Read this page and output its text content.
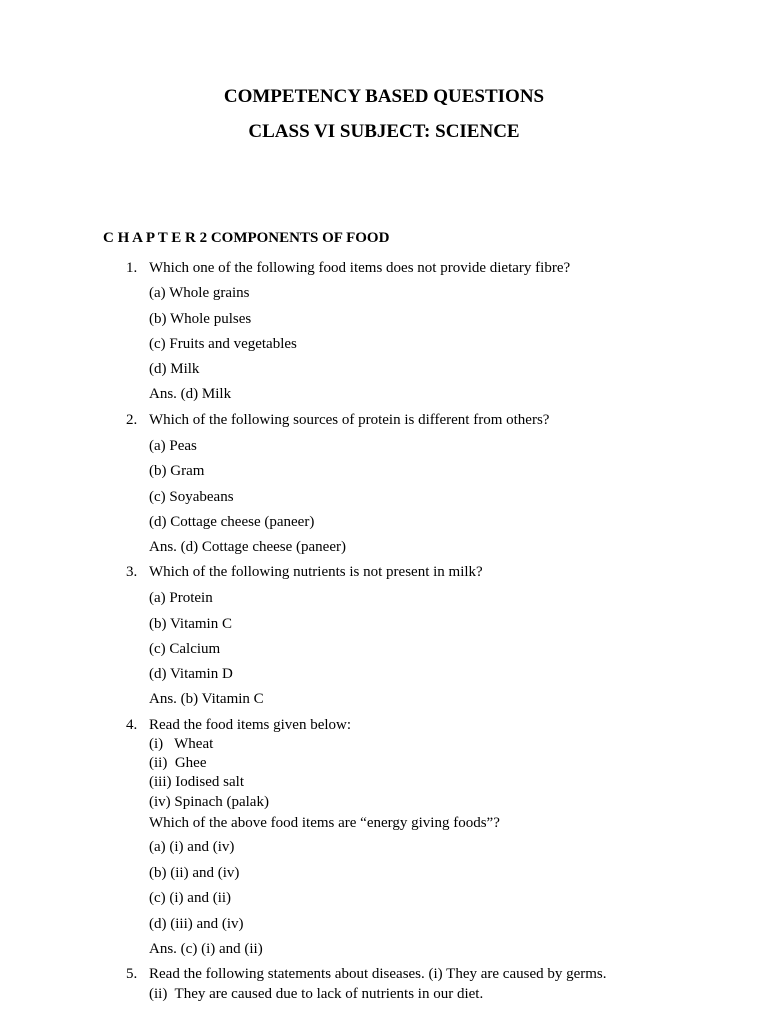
COMPETENCY BASED QUESTIONS
CLASS VI SUBJECT: SCIENCE
C H A P T E R 2 COMPONENTS OF FOOD
1. Which one of the following food items does not provide dietary fibre?
(a) Whole grains
(b) Whole pulses
(c) Fruits and vegetables
(d) Milk
Ans. (d) Milk
2. Which of the following sources of protein is different from others?
(a) Peas
(b) Gram
(c) Soyabeans
(d) Cottage cheese (paneer)
Ans. (d) Cottage cheese (paneer)
3. Which of the following nutrients is not present in milk?
(a) Protein
(b) Vitamin C
(c) Calcium
(d) Vitamin D
Ans. (b) Vitamin C
4. Read the food items given below:
(i)   Wheat
(ii)  Ghee
(iii) Iodised salt
(iv) Spinach (palak)
Which of the above food items are “energy giving foods”?
(a) (i) and (iv)
(b) (ii) and (iv)
(c) (i) and (ii)
(d) (iii) and (iv)
Ans. (c) (i) and (ii)
5. Read the following statements about diseases. (i) They are caused by germs.
(ii)  They are caused due to lack of nutrients in our diet.
